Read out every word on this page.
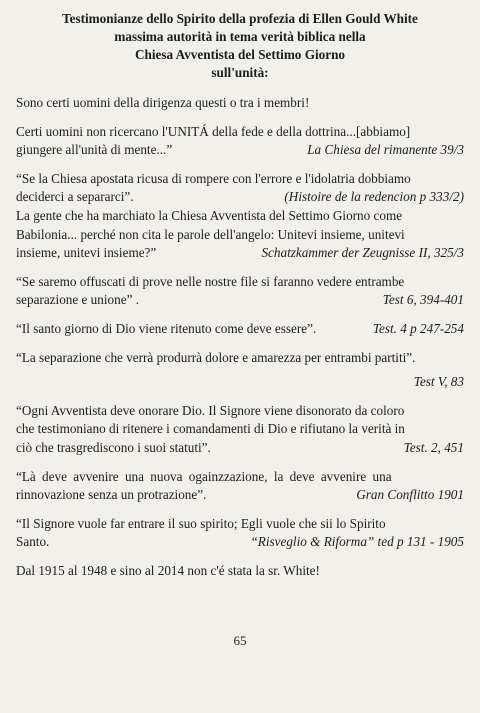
Testimonianze dello Spirito della profezia di Ellen Gould White
massima autorità in tema verità biblica nella
Chiesa Avventista del Settimo Giorno
sull'unità:

Sono certi uomini della dirigenza questi o tra i membri!

Certi uomini non ricercano l'UNITÁ della fede e della dottrina...[abbiamo]
giungere all'unità di mente...”	La Chiesa del rimanente 39/3
“Se la Chiesa apostata ricusa di rompere con l'errore e l'idolatria dobbiamo
deciderci a separarci”.	(Histoire de la redencion p 333/2)
La gente che ha marchiato la Chiesa Avventista del Settimo Giorno come
Babilonia... perché non cita le parole dell'angelo: Unitevi insieme, unitevi
insieme, unitevi insieme?”	Schatzkammer der Zeugnisse II, 325/3
“Se saremo offuscati di prove nelle nostre file si faranno vedere entrambe
separazione e unione” .	Test 6, 394-401
“Il santo giorno di Dio viene ritenuto come deve essere”.	Test. 4 p 247-254
“La separazione che verrà produrrà dolore e amarezza per entrambi partiti”.
Test V, 83
“Ogni Avventista deve onorare Dio. Il Signore viene disonorato da coloro
che testimoniano di ritenere i comandamenti di Dio e rifiutano la verità in
ciò che trasgrediscono i suoi statuti”.	Test. 2, 451
“Là deve avvenire una nuova ogainzzazione, la deve avvenire una
rinnovazione senza un protrazione”.	Gran Conflitto 1901
“Il Signore vuole far entrare il suo spirito; Egli vuole che sii lo Spirito
Santo.	“Risveglio & Riforma” ted p 131 - 1905

Dal 1915 al 1948 e sino al 2014 non c'é stata la sr. White!

65
